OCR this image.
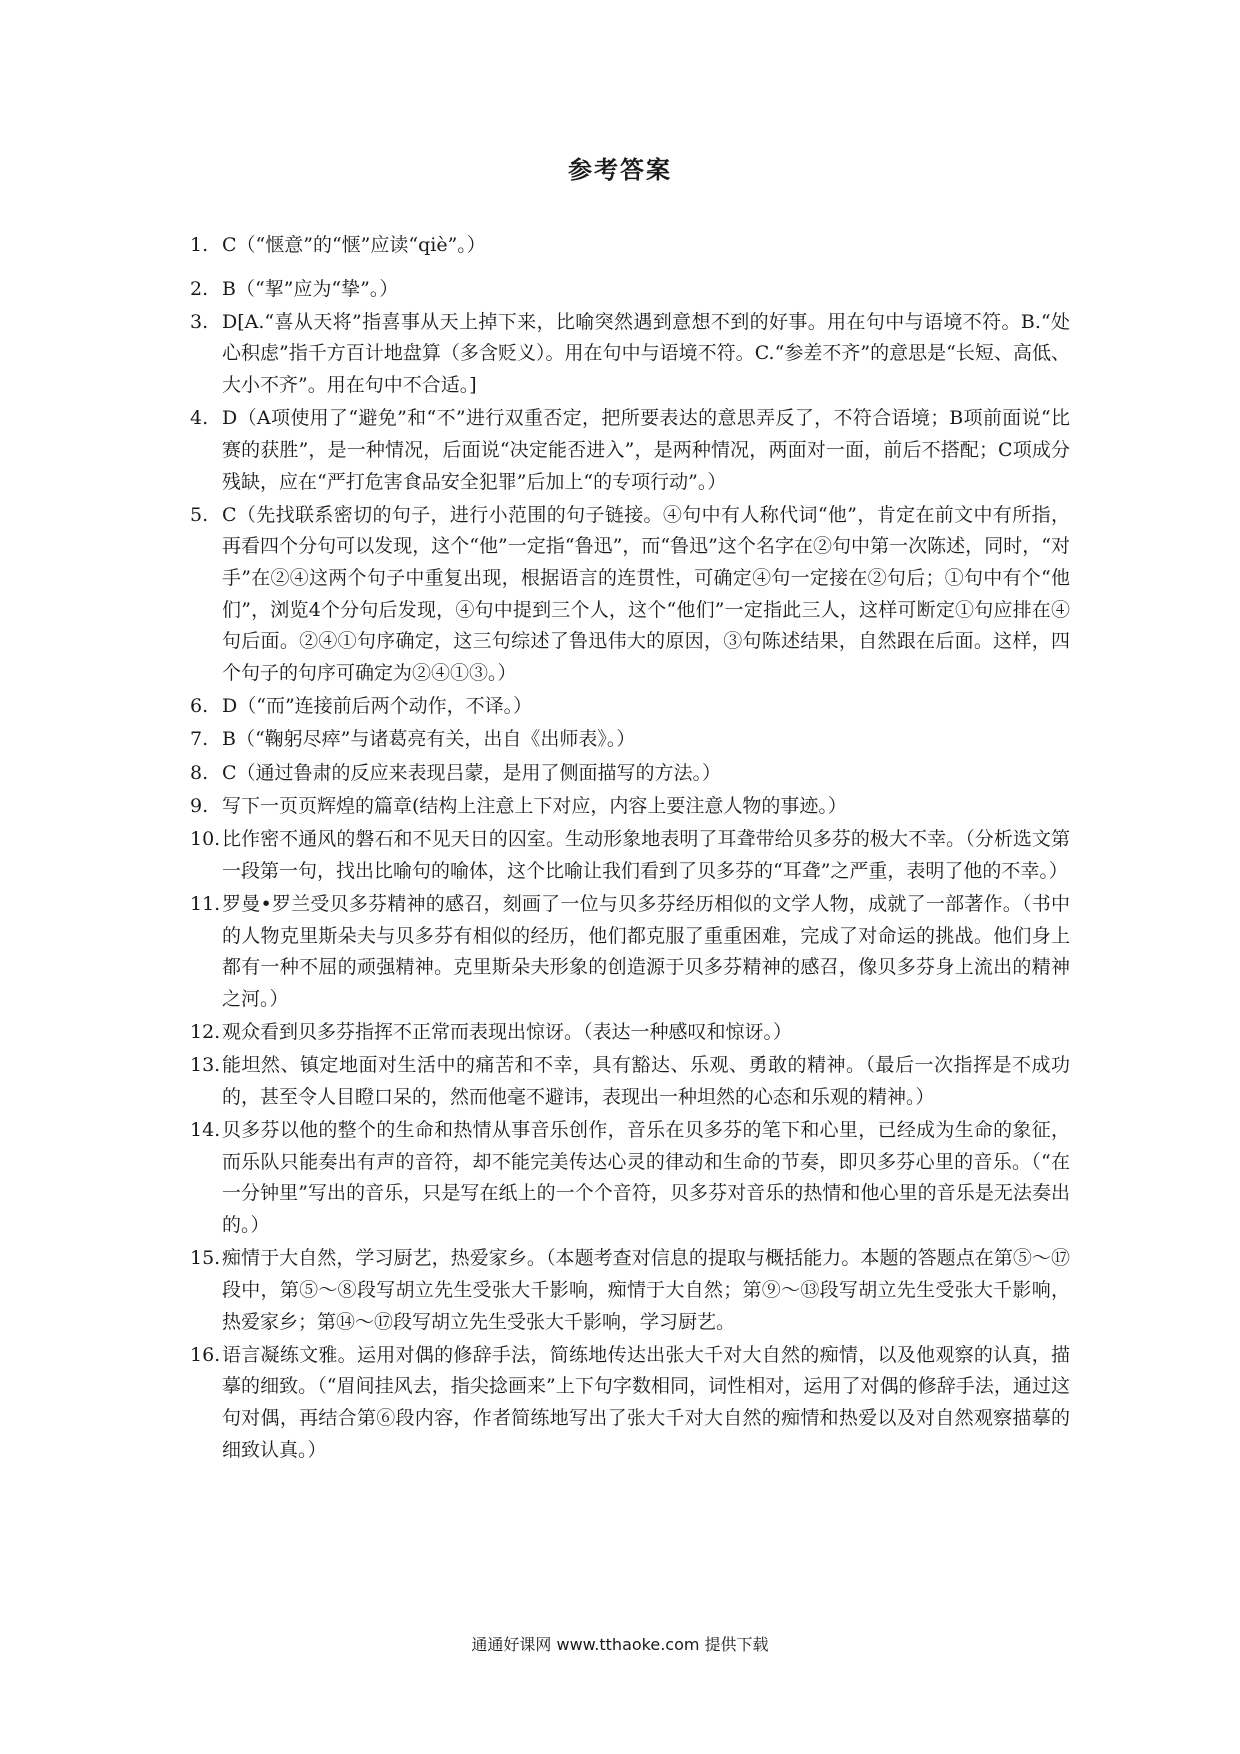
参考答案
1. C（“惬意”的“惬”应读“qiè”。）
2. B（“挈”应为“挚”。）
3. D[A.“喜从天将”指喜事从天上掉下来，比喻突然遇到意想不到的好事。用在句中与语境不符。B.“处心积虑”指千方百计地盘算（多含贬义）。用在句中与语境不符。C.“参差不齐”的意思是“长短、高低、大小不齐”。用在句中不合适。]
4. D（A项使用了“避免”和“不”进行双重否定，把所要表达的意思弄反了，不符合语境；B项前面说“比赛的获胜”，是一种情况，后面说“决定能否进入”，是两种情况，两面对一面，前后不搭配；C项成分残缺，应在“严打危害食品安全犯罪”后加上“的专项行动”。）
5. C（先找联系密切的句子，进行小范围的句子链接。④句中有人称代词“他”，肯定在前文中有所指，再看四个分句可以发现，这个“他”一定指“鲁迅”，而“鲁迅”这个名字在②句中第一次陈述，同时，“对手”在②④这两个句子中重复出现，根据语言的连贯性，可确定④句一定接在②句后；①句中有个“他们”，浏览4个分句后发现，④句中提到三个人，这个“他们”一定指此三人，这样可断定①句应排在④句后面。②④①句序确定，这三句综述了鲁迅伟大的原因，③句陈述结果，自然跟在后面。这样，四个句子的句序可确定为②④①③。）
6. D（“而”连接前后两个动作，不译。）
7. B（“鞠躬尽瘁”与诸葛亮有关，出自《出师表》。）
8. C（通过鲁肃的反应来表现吕蒙，是用了侧面描写的方法。）
9. 写下一页页辉煌的篇章(结构上注意上下对应，内容上要注意人物的事迹。）
10. 比作密不通风的磐石和不见天日的囚室。生动形象地表明了耳聋带给贝多芬的极大不幸。（分析选文第一段第一句，找出比喻句的喻体，这个比喻让我们看到了贝多芬的“耳聋”之严重，表明了他的不幸。）
11. 罗曼•罗兰受贝多芬精神的感召，刻画了一位与贝多芬经历相似的文学人物，成就了一部著作。（书中的人物克里斯朵夫与贝多芬有相似的经历，他们都克服了重重困难，完成了对命运的挑战。他们身上都有一种不屈的顽强精神。克里斯朵夫形象的创造源于贝多芬精神的感召，像贝多芬身上流出的精神之河。）
12. 观众看到贝多芬指挥不正常而表现出惊讶。（表达一种感叹和惊讶。）
13. 能坦然、镇定地面对生活中的痛苦和不幸，具有豁达、乐观、勇敢的精神。（最后一次指挥是不成功的，甚至令人目瞪口呆的，然而他毫不避讳，表现出一种坦然的心态和乐观的精神。）
14. 贝多芬以他的整个的生命和热情从事音乐创作，音乐在贝多芬的笔下和心里，已经成为生命的象征，而乐队只能奏出有声的音符，却不能完美传达心灵的律动和生命的节奏，即贝多芬心里的音乐。（“在一分钟里”写出的音乐，只是写在纸上的一个个音符，贝多芬对音乐的热情和他心里的音乐是无法奏出的。）
15. 痴情于大自然，学习厨艺，热爱家乡。（本题考查对信息的提取与概括能力。本题的答题点在第⑤～⑰段中，第⑤～⑧段写胡立先生受张大千影响，痴情于大自然；第⑨～⑬段写胡立先生受张大千影响，热爱家乡；第⑭～⑰段写胡立先生受张大千影响，学习厨艺。
16. 语言凝练文雅。运用对偶的修辞手法，简练地传达出张大千对大自然的痴情，以及他观察的认真，描摹的细致。（“眉间挂风去，指尖捻画来”上下句字数相同，词性相对，运用了对偶的修辞手法，通过这句对偶，再结合第⑥段内容，作者简练地写出了张大千对大自然的痴情和热爱以及对自然观察描摹的细致认真。）
通通好课网 www.tthaoke.com 提供下载
